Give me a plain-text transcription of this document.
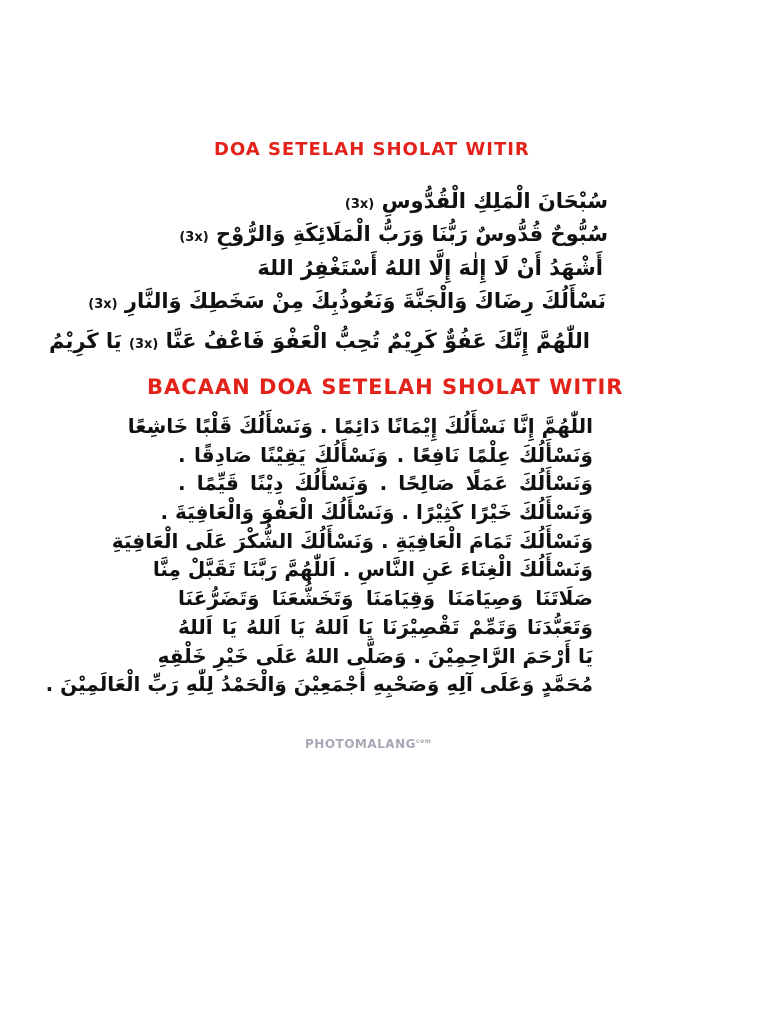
DOA SETELAH SHOLAT WITIR
سُبْحَانَ الْمَلِكِ الْقُدُّوسِ (3x)
سُبُّوحٌ قُدُّوسٌ رَبُّنَا وَرَبُّ الْمَلَائِكَةِ وَالرُّوْحِ (3x)
أَشْهَدُ أَنْ لَا إِلٰهَ إِلَّا اللهُ أَسْتَغْفِرُ اللهَ
نَسْأَلُكَ رِضَاكَ وَالْجَنَّةَ وَنَعُوذُبِكَ مِنْ سَخَطِكَ وَالنَّارِ (3x)
اللّٰهُمَّ إِنَّكَ عَفُوٌّ كَرِيْمٌ تُحِبُّ الْعَفْوَ فَاعْفُ عَنَّا (3x) يَا كَرِيْمُ
BACAAN DOA SETELAH SHOLAT WITIR
اللّٰهُمَّ إِنَّا نَسْأَلُكَ إِيْمَانًا دَائِمًا . وَنَسْأَلُكَ قَلْبًا خَاشِعًا
وَنَسْأَلُكَ عِلْمًا نَافِعًا . وَنَسْأَلُكَ يَقِيْنًا صَادِقًا .
وَنَسْأَلُكَ عَمَلًا صَالِحًا . وَنَسْأَلُكَ دِيْنًا قَيِّمًا .
وَنَسْأَلُكَ خَيْرًا كَثِيْرًا . وَنَسْأَلُكَ الْعَفْوَ وَالْعَافِيَةَ .
وَنَسْأَلُكَ تَمَامَ الْعَافِيَةِ . وَنَسْأَلُكَ الشُّكْرَ عَلَى الْعَافِيَةِ
وَنَسْأَلُكَ الْغِنَاءَ عَنِ النَّاسِ . اَللّٰهُمَّ رَبَّنَا تَقَبَّلْ مِنَّا
صَلَاتَنَا وَصِيَامَنَا وَقِيَامَنَا وَتَخَشُّعَنَا وَتَضَرُّعَنَا
وَتَعَبُّدَنَا وَتَمِّمْ تَقْصِيْرَنَا يَا اَللهُ يَا اَللهُ يَا اَللهُ
يَا أَرْحَمَ الرَّاحِمِيْنَ . وَصَلَّى اللهُ عَلَى خَيْرِ خَلْقِهِ
مُحَمَّدٍ وَعَلَى آلِهِ وَصَحْبِهِ أَجْمَعِيْنَ وَالْحَمْدُ لِلّٰهِ رَبِّ الْعَالَمِيْنَ .
$PHOTOMALANG^{com}$
